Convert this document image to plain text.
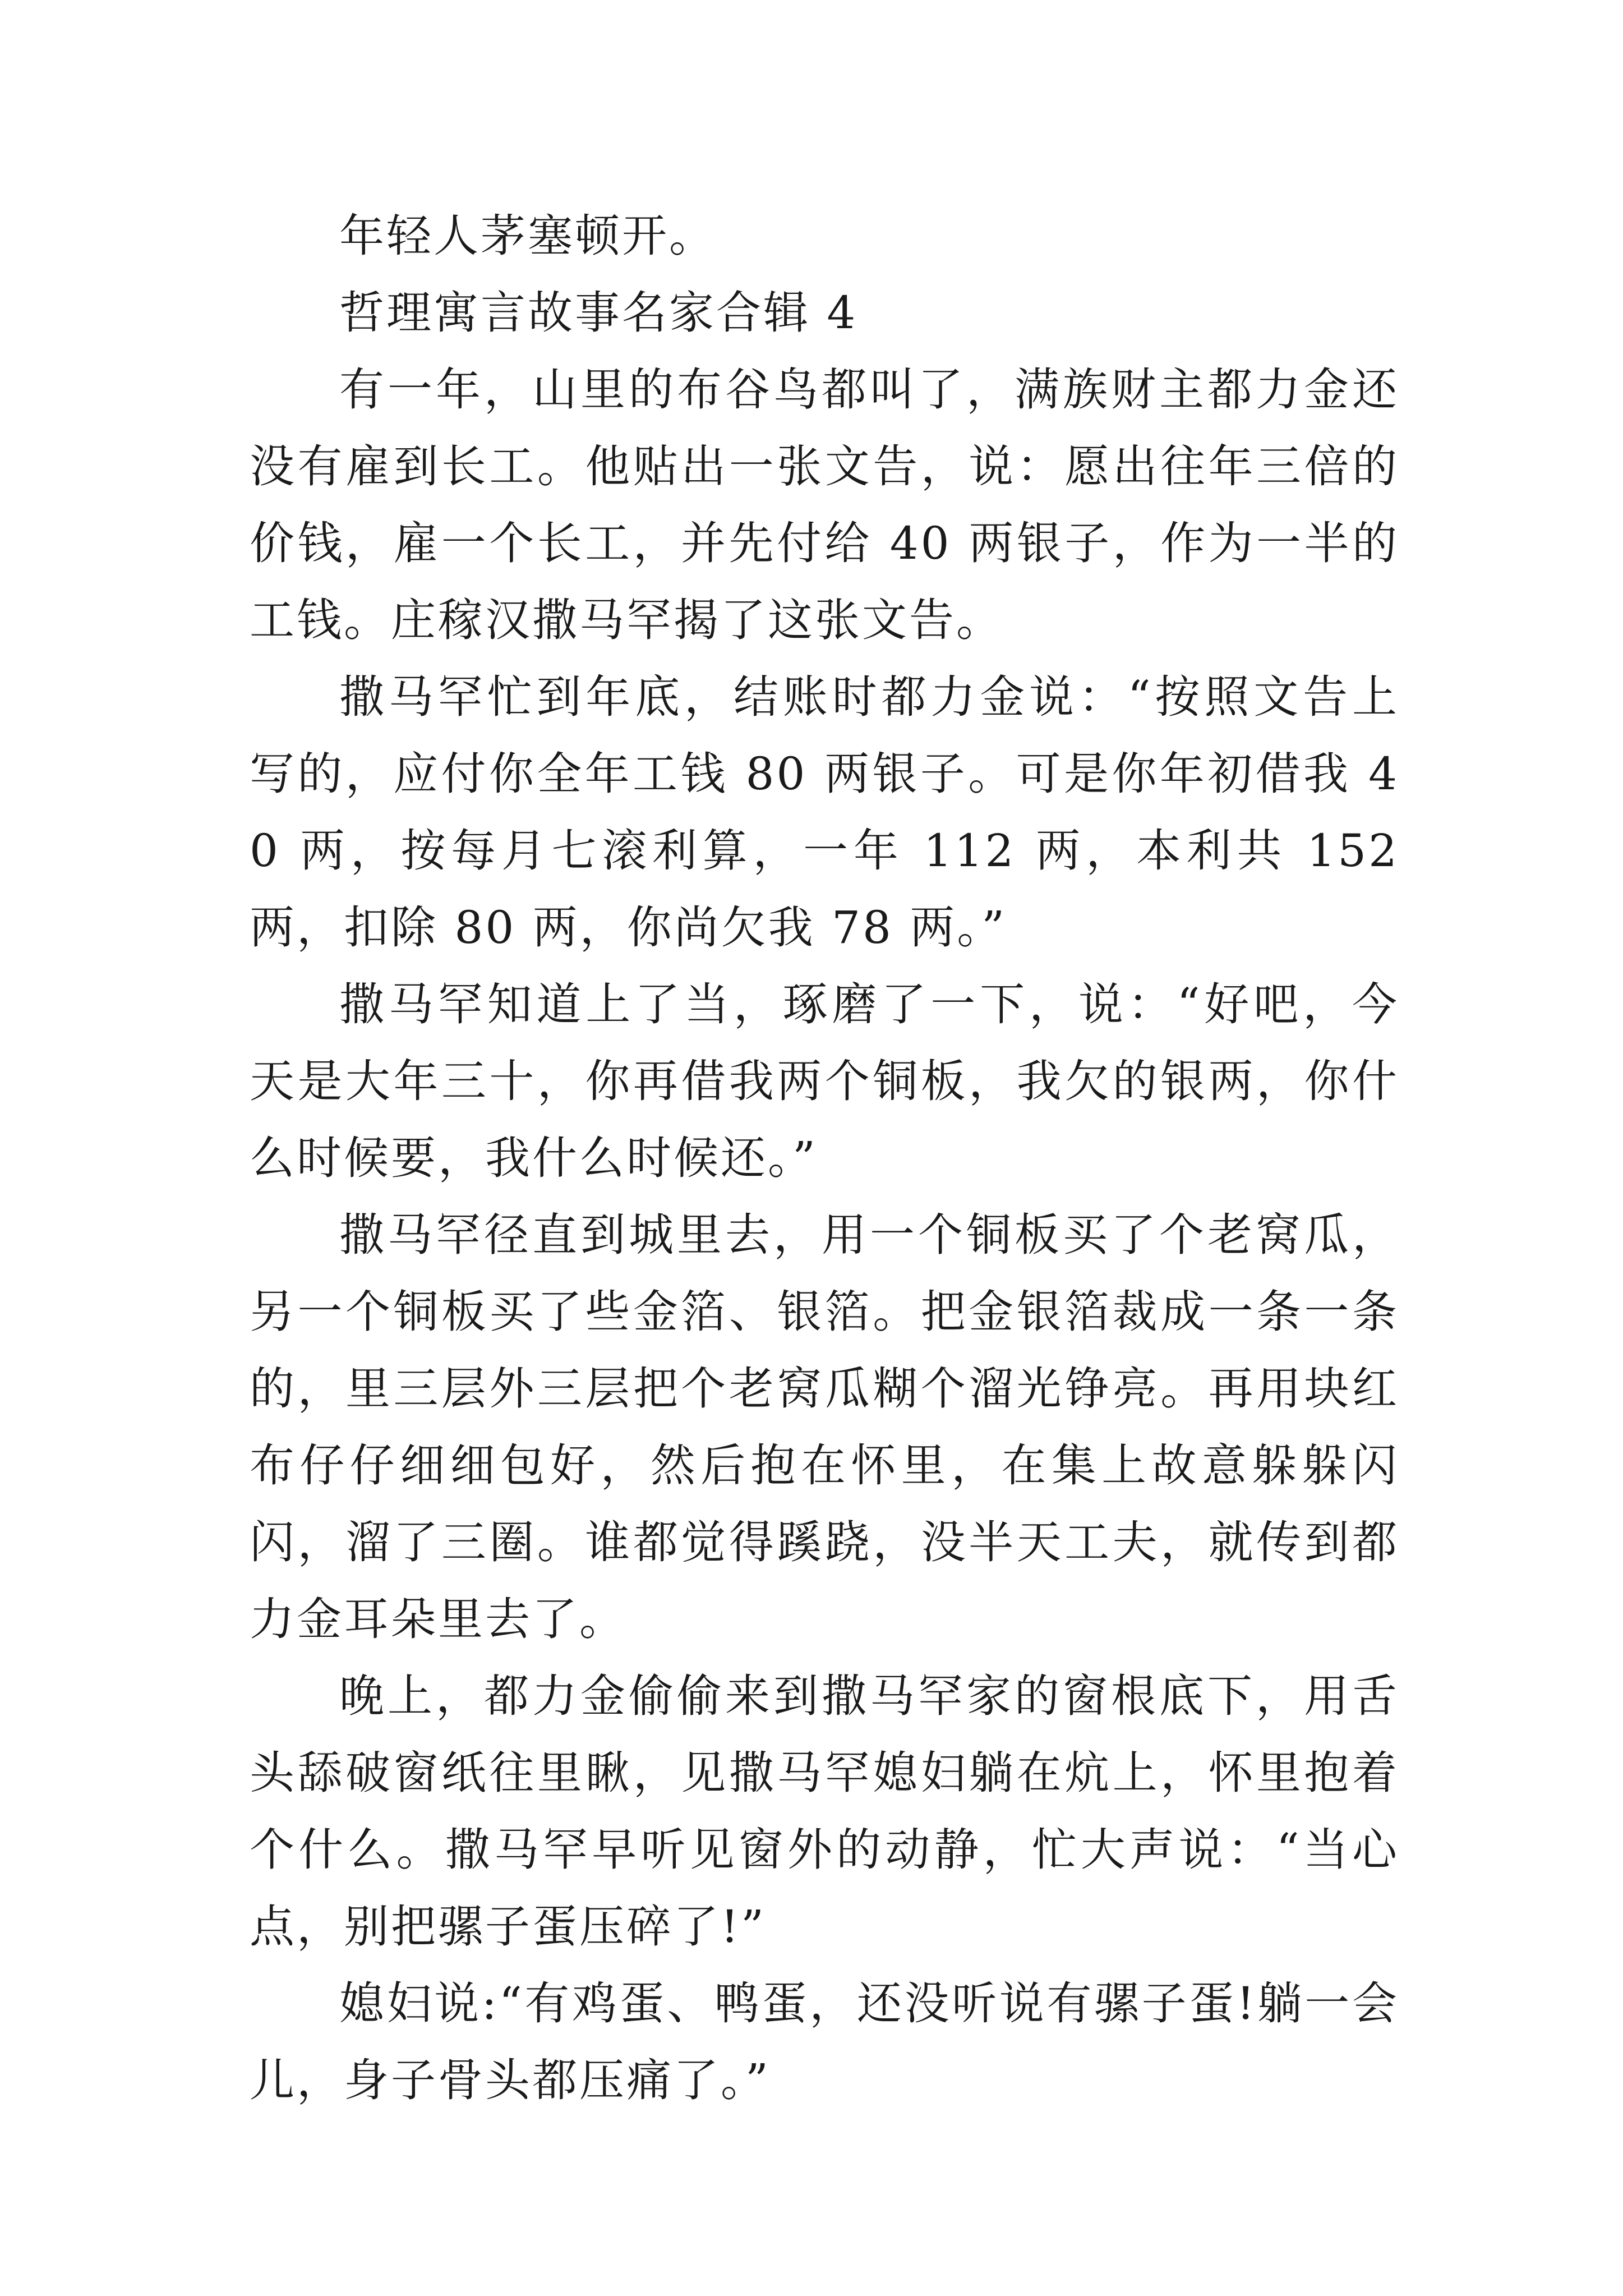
年轻人茅塞顿开。

哲理寓言故事名家合辑 4

有一年，山里的布谷鸟都叫了，满族财主都力金还没有雇到长工。他贴出一张文告，说：愿出往年三倍的价钱，雇一个长工，并先付给 40 两银子，作为一半的工钱。庄稼汉撒马罕揭了这张文告。

撒马罕忙到年底，结账时都力金说：“按照文告上写的，应付你全年工钱 80 两银子。可是你年初借我 40 两，按每月七滚利算，一年 112 两，本利共 152 两，扣除 80 两，你尚欠我 78 两。”

撒马罕知道上了当，琢磨了一下，说：“好吧，今天是大年三十，你再借我两个铜板，我欠的银两，你什么时候要，我什么时候还。”

撒马罕径直到城里去，用一个铜板买了个老窝瓜，另一个铜板买了些金箔、银箔。把金银箔裁成一条一条的，里三层外三层把个老窝瓜糊个溜光铮亮。再用块红布仔仔细细包好，然后抱在怀里，在集上故意躲躲闪闪，溜了三圈。谁都觉得蹊跷，没半天工夫，就传到都力金耳朵里去了。

晚上，都力金偷偷来到撒马罕家的窗根底下，用舌头舔破窗纸往里瞅，见撒马罕媳妇躺在炕上，怀里抱着个什么。撒马罕早听见窗外的动静，忙大声说：“当心点，别把骡子蛋压碎了!”

媳妇说:“有鸡蛋、鸭蛋，还没听说有骡子蛋!躺一会儿，身子骨头都压痛了。”
